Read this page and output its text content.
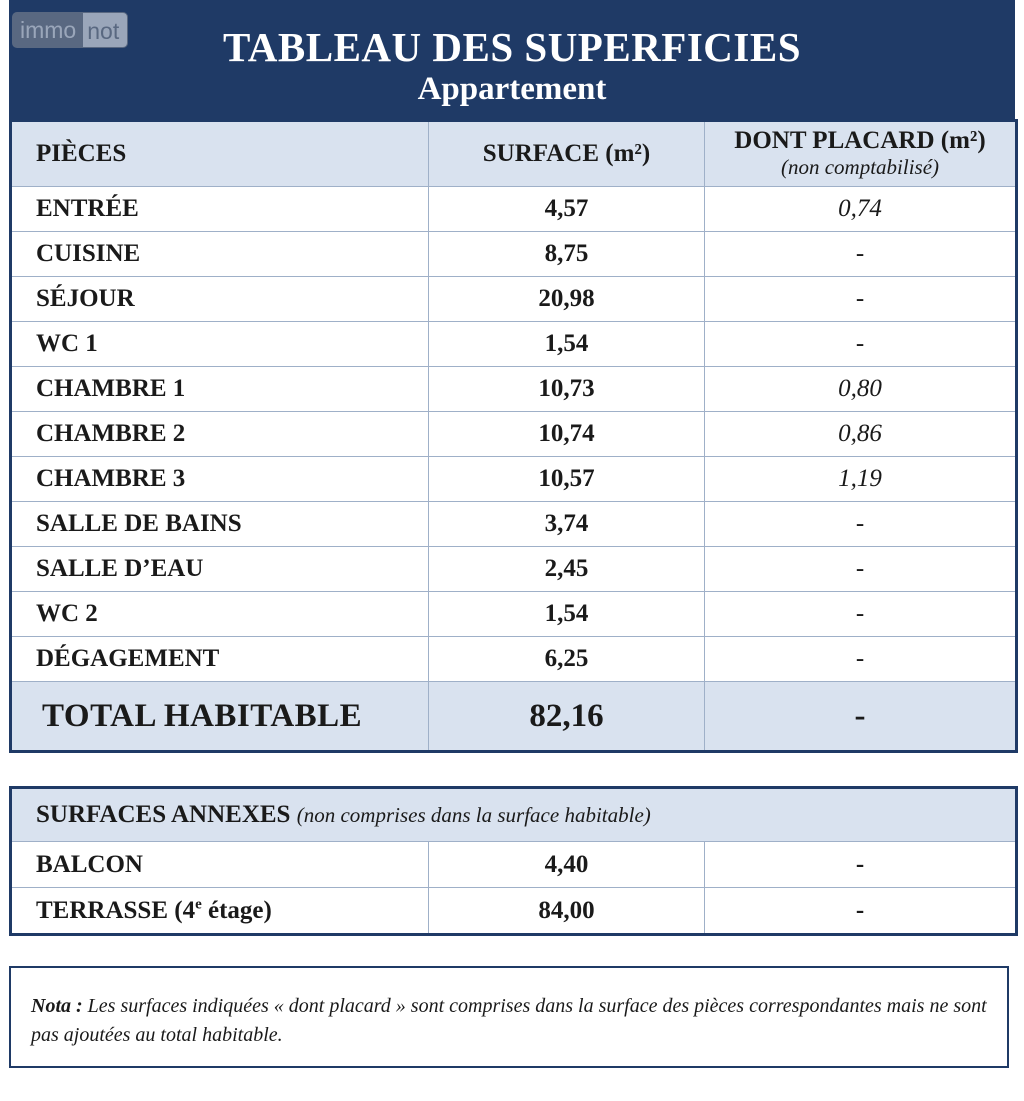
immo not	TABLEAU DES SUPERFICIES
Appartement
PIÈCES	SURFACE (m²)	DONT PLACARD (m²)
(non comptabilisé)

ENTRÉE	4,57	0,74
CUISINE	8,75	-
SÉJOUR	20,98	-
WC 1	1,54	-
CHAMBRE 1	10,73	0,80
CHAMBRE 2	10,74	0,86
CHAMBRE 3	10,57	1,19
SALLE DE BAINS	3,74	-
SALLE D’EAU	2,45	-
WC 2	1,54	-
DÉGAGEMENT	6,25	-
TOTAL HABITABLE	82,16	-
SURFACES ANNEXES (non comprises dans la surface habitable)		
BALCON	4,40	-
TERRASSE (4e étage)	84,00	-
Nota : Les surfaces indiquées « dont placard » sont comprises dans la surface des pièces correspondantes mais ne sont pas ajoutées au total habitable.
